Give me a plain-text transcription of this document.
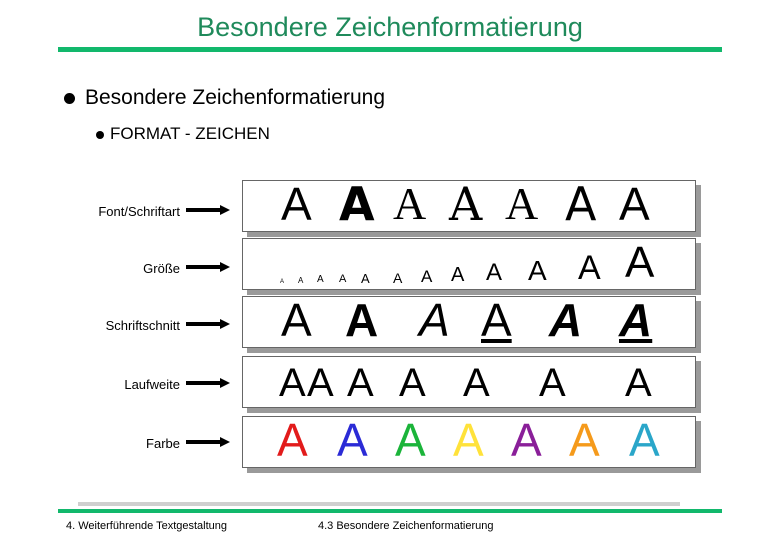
Besondere Zeichenformatierung
Besondere Zeichenformatierung
FORMAT - ZEICHEN
Font/Schriftart
Größe
Schriftschnitt
Laufweite
Farbe
A A A A A A A
A A A A A A A A A A A A
A A A A A A
A A A A A A A
A A A A A A A
4. Weiterführende Textgestaltung	4.3 Besondere Zeichenformatierung
